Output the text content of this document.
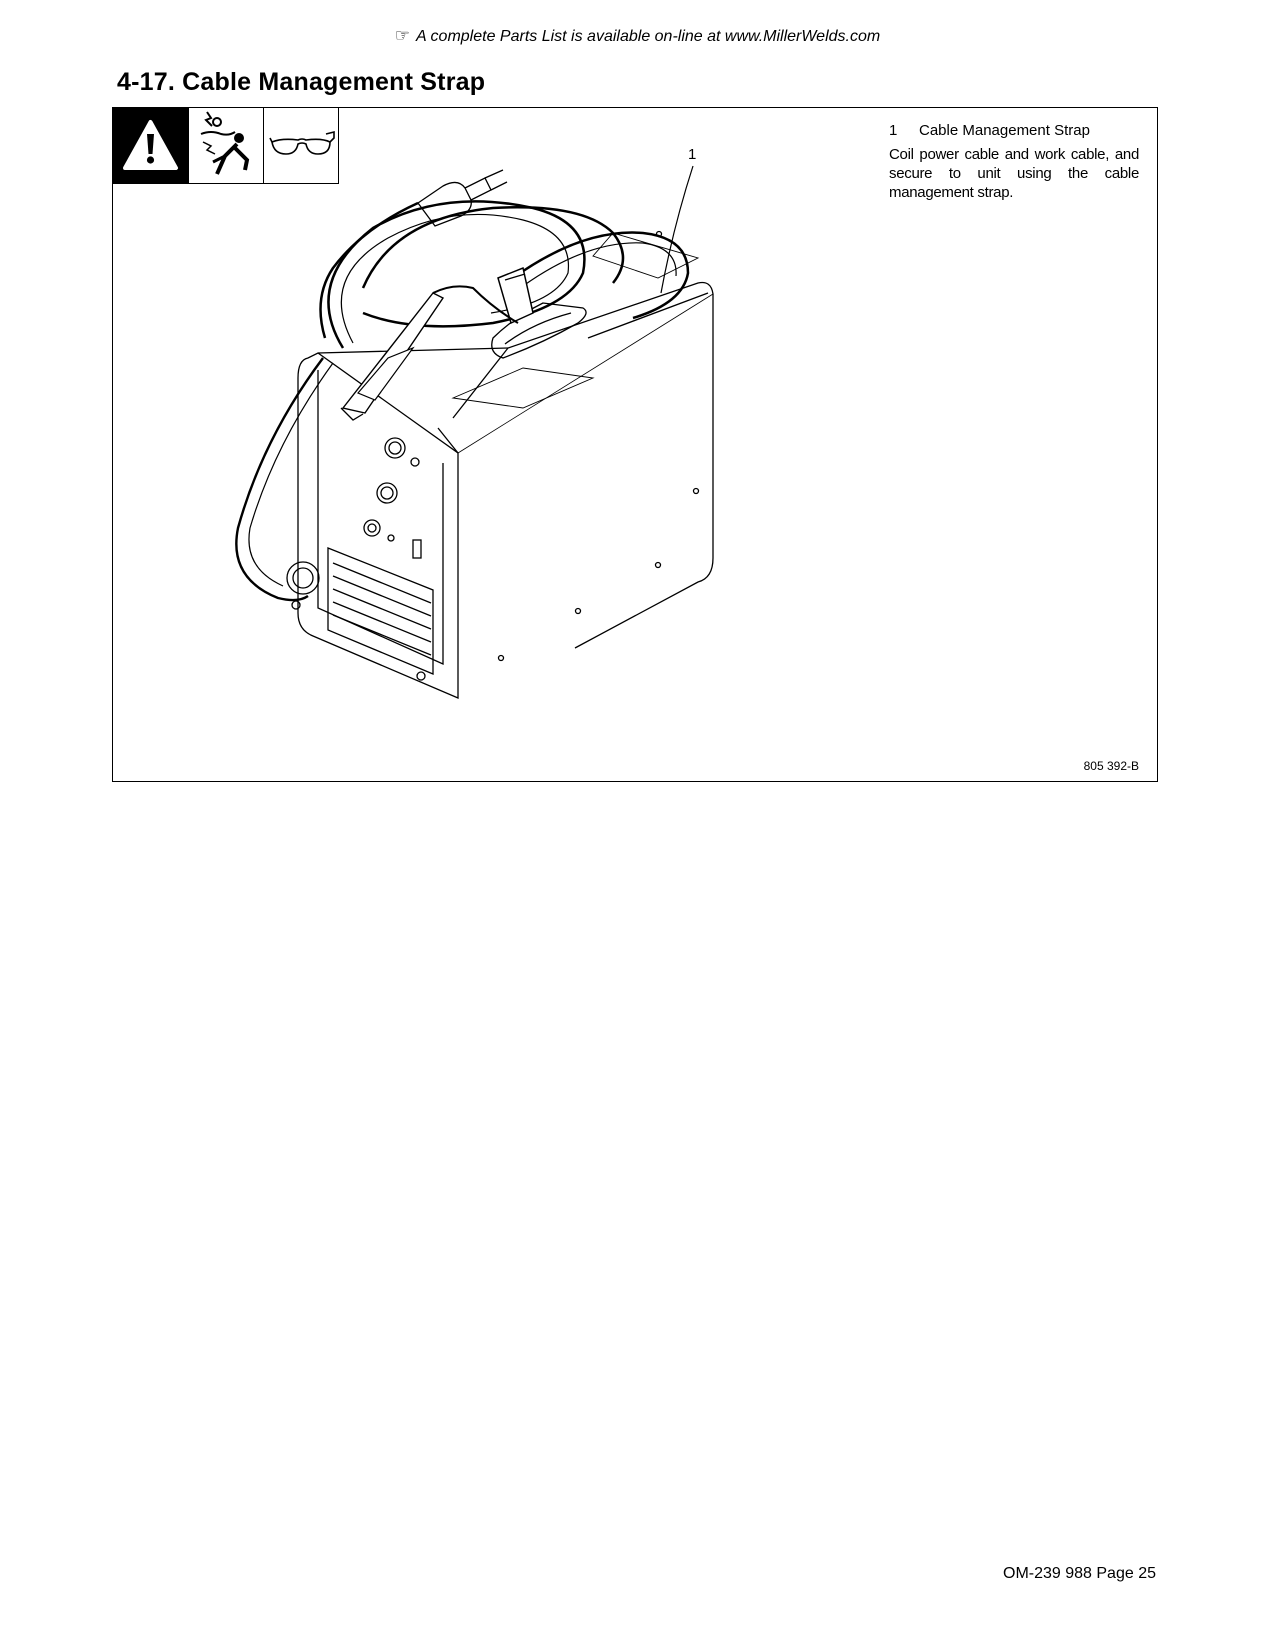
☞ A complete Parts List is available on-line at www.MillerWelds.com
4-17. Cable Management Strap
1
1	Cable Management Strap
Coil power cable and work cable, and secure to unit using the cable management strap.
805 392-B
OM-239 988 Page 25
